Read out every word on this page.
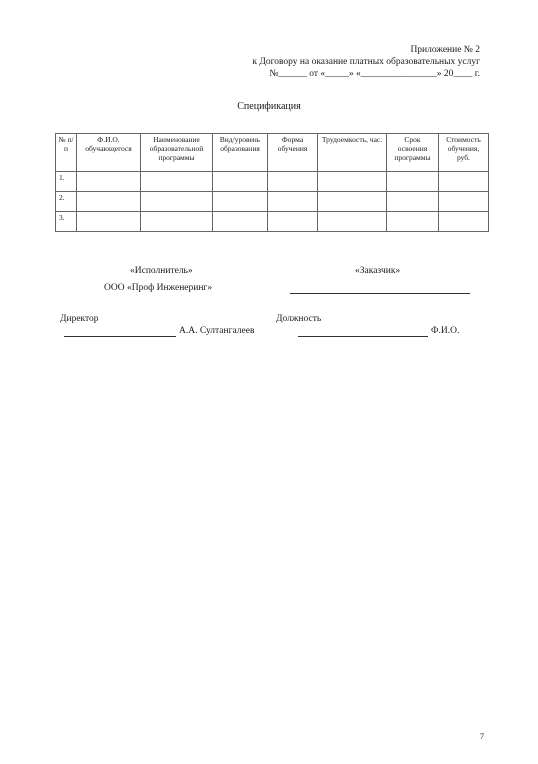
Приложение № 2
к Договору на оказание платных образовательных услуг
№______ от «_____» «________________» 20____ г.
Спецификация
№ п/п	Ф.И.О. обучающегося	Наименование образовательной программы	Вид/уровень образования	Форма обучения	Трудоемкость, час.	Срок освоения программы	Стоимость обучения, руб.
1.							
2.							
3.							
«Исполнитель»
ООО «Проф Инженеринг»
«Заказчик»
Директор
А.А. Султангалеев
Должность
Ф.И.О.
7
